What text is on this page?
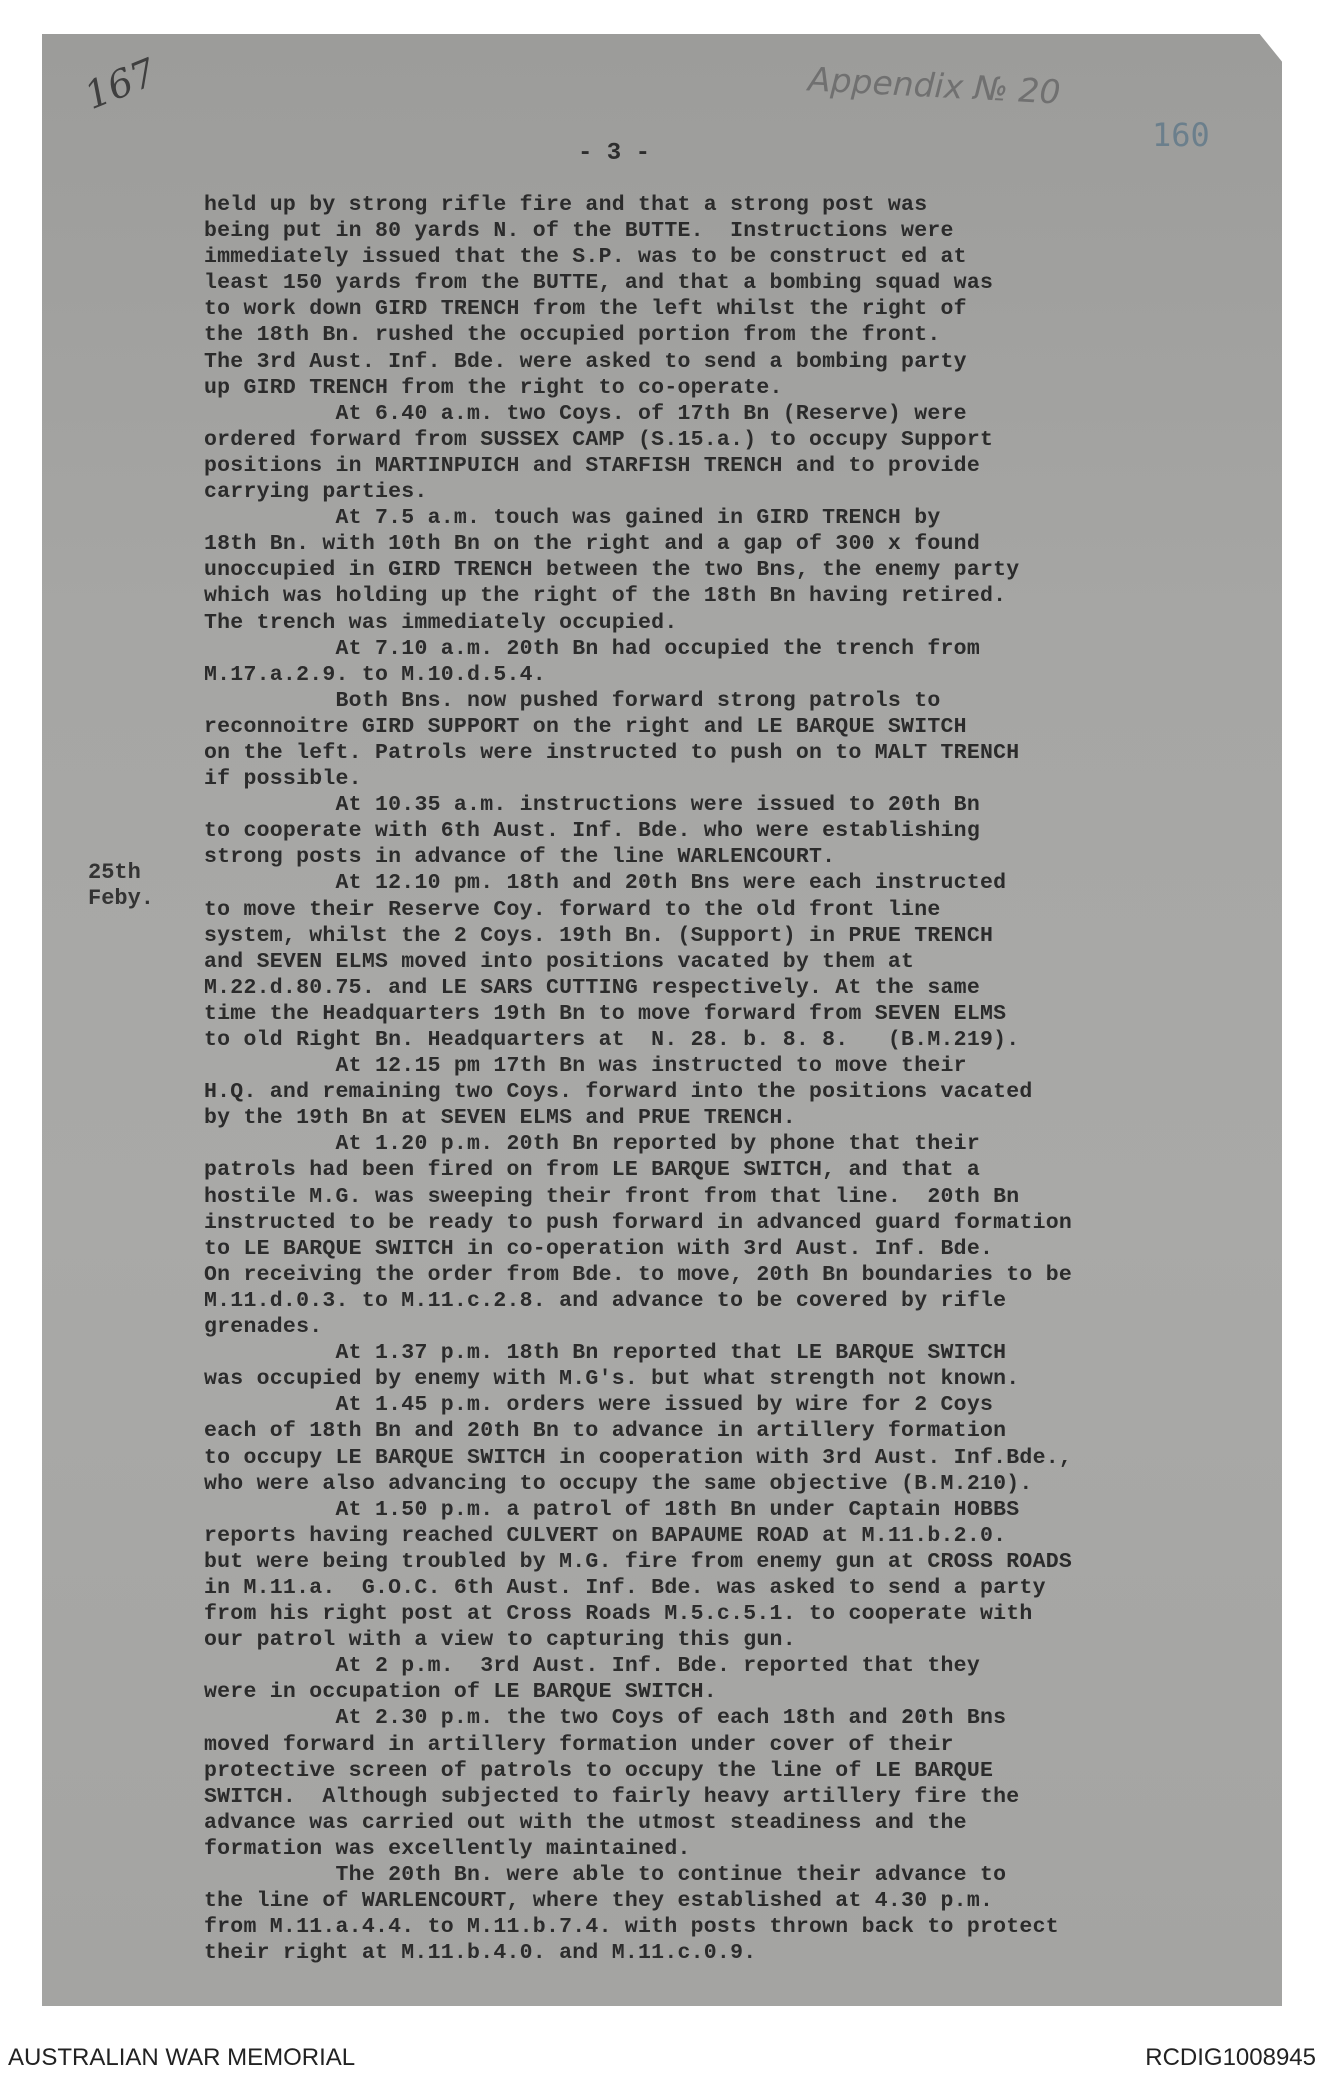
167	Appendix № 20
160
- 3 -
25th
Feby.

held up by strong rifle fire and that a strong post was
being put in 80 yards N. of the BUTTE.  Instructions were
immediately issued that the S.P. was to be construct ed at
least 150 yards from the BUTTE, and that a bombing squad was
to work down GIRD TRENCH from the left whilst the right of
the 18th Bn. rushed the occupied portion from the front.
The 3rd Aust. Inf. Bde. were asked to send a bombing party
up GIRD TRENCH from the right to co-operate.

At 6.40 a.m. two Coys. of 17th Bn (Reserve) were
ordered forward from SUSSEX CAMP (S.15.a.) to occupy Support
positions in MARTINPUICH and STARFISH TRENCH and to provide
carrying parties.

At 7.5 a.m. touch was gained in GIRD TRENCH by
18th Bn. with 10th Bn on the right and a gap of 300 x found
unoccupied in GIRD TRENCH between the two Bns, the enemy party
which was holding up the right of the 18th Bn having retired.
The trench was immediately occupied.

At 7.10 a.m. 20th Bn had occupied the trench from
M.17.a.2.9. to M.10.d.5.4.

Both Bns. now pushed forward strong patrols to
reconnoitre GIRD SUPPORT on the right and LE BARQUE SWITCH
on the left. Patrols were instructed to push on to MALT TRENCH
if possible.

At 10.35 a.m. instructions were issued to 20th Bn
to cooperate with 6th Aust. Inf. Bde. who were establishing
strong posts in advance of the line WARLENCOURT.

At 12.10 pm. 18th and 20th Bns were each instructed
to move their Reserve Coy. forward to the old front line
system, whilst the 2 Coys. 19th Bn. (Support) in PRUE TRENCH
and SEVEN ELMS moved into positions vacated by them at
M.22.d.80.75. and LE SARS CUTTING respectively. At the same
time the Headquarters 19th Bn to move forward from SEVEN ELMS
to old Right Bn. Headquarters at  N. 28. b. 8. 8.   (B.M.219).

At 12.15 pm 17th Bn was instructed to move their
H.Q. and remaining two Coys. forward into the positions vacated
by the 19th Bn at SEVEN ELMS and PRUE TRENCH.

At 1.20 p.m. 20th Bn reported by phone that their
patrols had been fired on from LE BARQUE SWITCH, and that a
hostile M.G. was sweeping their front from that line.  20th Bn
instructed to be ready to push forward in advanced guard formation
to LE BARQUE SWITCH in co-operation with 3rd Aust. Inf. Bde.
On receiving the order from Bde. to move, 20th Bn boundaries to be
M.11.d.0.3. to M.11.c.2.8. and advance to be covered by rifle
grenades.

At 1.37 p.m. 18th Bn reported that LE BARQUE SWITCH
was occupied by enemy with M.G's. but what strength not known.

At 1.45 p.m. orders were issued by wire for 2 Coys
each of 18th Bn and 20th Bn to advance in artillery formation
to occupy LE BARQUE SWITCH in cooperation with 3rd Aust. Inf.Bde.,
who were also advancing to occupy the same objective (B.M.210).

At 1.50 p.m. a patrol of 18th Bn under Captain HOBBS
reports having reached CULVERT on BAPAUME ROAD at M.11.b.2.0.
but were being troubled by M.G. fire from enemy gun at CROSS ROADS
in M.11.a.  G.O.C. 6th Aust. Inf. Bde. was asked to send a party
from his right post at Cross Roads M.5.c.5.1. to cooperate with
our patrol with a view to capturing this gun.

At 2 p.m.  3rd Aust. Inf. Bde. reported that they
were in occupation of LE BARQUE SWITCH.

At 2.30 p.m. the two Coys of each 18th and 20th Bns
moved forward in artillery formation under cover of their
protective screen of patrols to occupy the line of LE BARQUE
SWITCH.  Although subjected to fairly heavy artillery fire the
advance was carried out with the utmost steadiness and the
formation was excellently maintained.

The 20th Bn. were able to continue their advance to
the line of WARLENCOURT, where they established at 4.30 p.m.
from M.11.a.4.4. to M.11.b.7.4. with posts thrown back to protect
their right at M.11.b.4.0. and M.11.c.0.9.

AUSTRALIAN WAR MEMORIAL	RCDIG1008945
